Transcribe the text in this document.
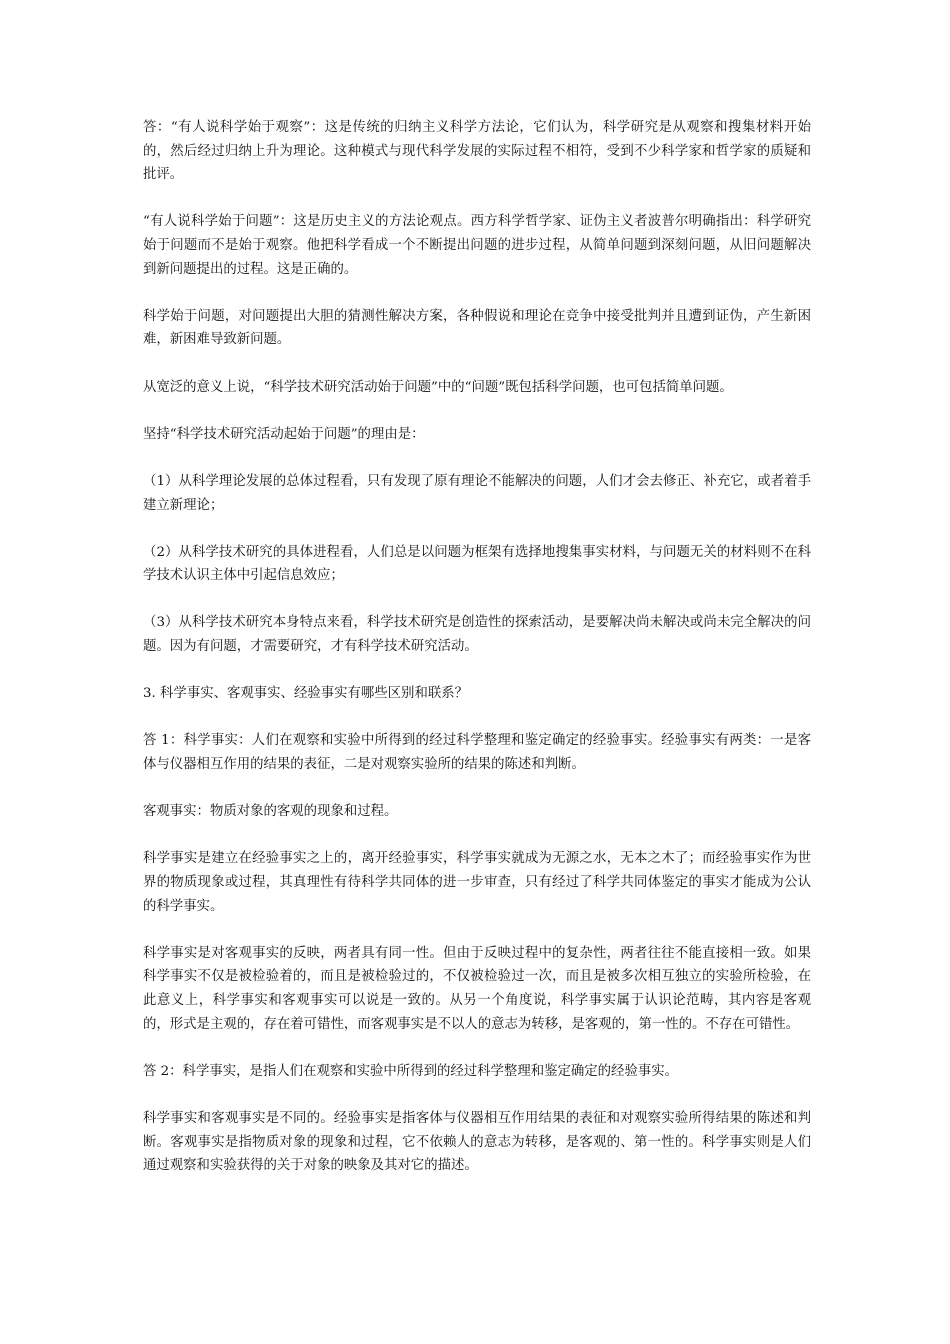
答：“有人说科学始于观察”：这是传统的归纳主义科学方法论，它们认为，科学研究是从观察和搜集材料开始的，然后经过归纳上升为理论。这种模式与现代科学发展的实际过程不相符，受到不少科学家和哲学家的质疑和批评。

“有人说科学始于问题”：这是历史主义的方法论观点。西方科学哲学家、证伪主义者波普尔明确指出：科学研究始于问题而不是始于观察。他把科学看成一个不断提出问题的进步过程，从简单问题到深刻问题，从旧问题解决到新问题提出的过程。这是正确的。

科学始于问题，对问题提出大胆的猜测性解决方案，各种假说和理论在竞争中接受批判并且遭到证伪，产生新困难，新困难导致新问题。

从宽泛的意义上说，“科学技术研究活动始于问题”中的“问题”既包括科学问题，也可包括简单问题。

坚持“科学技术研究活动起始于问题”的理由是：

（1）从科学理论发展的总体过程看，只有发现了原有理论不能解决的问题，人们才会去修正、补充它，或者着手建立新理论；

（2）从科学技术研究的具体进程看，人们总是以问题为框架有选择地搜集事实材料，与问题无关的材料则不在科学技术认识主体中引起信息效应；

（3）从科学技术研究本身特点来看，科学技术研究是创造性的探索活动，是要解决尚未解决或尚未完全解决的问题。因为有问题，才需要研究，才有科学技术研究活动。

3. 科学事实、客观事实、经验事实有哪些区别和联系？

答 1：科学事实：人们在观察和实验中所得到的经过科学整理和鉴定确定的经验事实。经验事实有两类：一是客体与仪器相互作用的结果的表征，二是对观察实验所的结果的陈述和判断。

客观事实：物质对象的客观的现象和过程。

科学事实是建立在经验事实之上的，离开经验事实，科学事实就成为无源之水，无本之木了；而经验事实作为世界的物质现象或过程，其真理性有待科学共同体的进一步审查，只有经过了科学共同体鉴定的事实才能成为公认的科学事实。

科学事实是对客观事实的反映，两者具有同一性。但由于反映过程中的复杂性，两者往往不能直接相一致。如果科学事实不仅是被检验着的，而且是被检验过的，不仅被检验过一次，而且是被多次相互独立的实验所检验，在此意义上，科学事实和客观事实可以说是一致的。从另一个角度说，科学事实属于认识论范畴，其内容是客观的，形式是主观的，存在着可错性，而客观事实是不以人的意志为转移，是客观的，第一性的。不存在可错性。

答 2：科学事实，是指人们在观察和实验中所得到的经过科学整理和鉴定确定的经验事实。

科学事实和客观事实是不同的。经验事实是指客体与仪器相互作用结果的表征和对观察实验所得结果的陈述和判断。客观事实是指物质对象的现象和过程，它不依赖人的意志为转移，是客观的、第一性的。科学事实则是人们通过观察和实验获得的关于对象的映象及其对它的描述。
